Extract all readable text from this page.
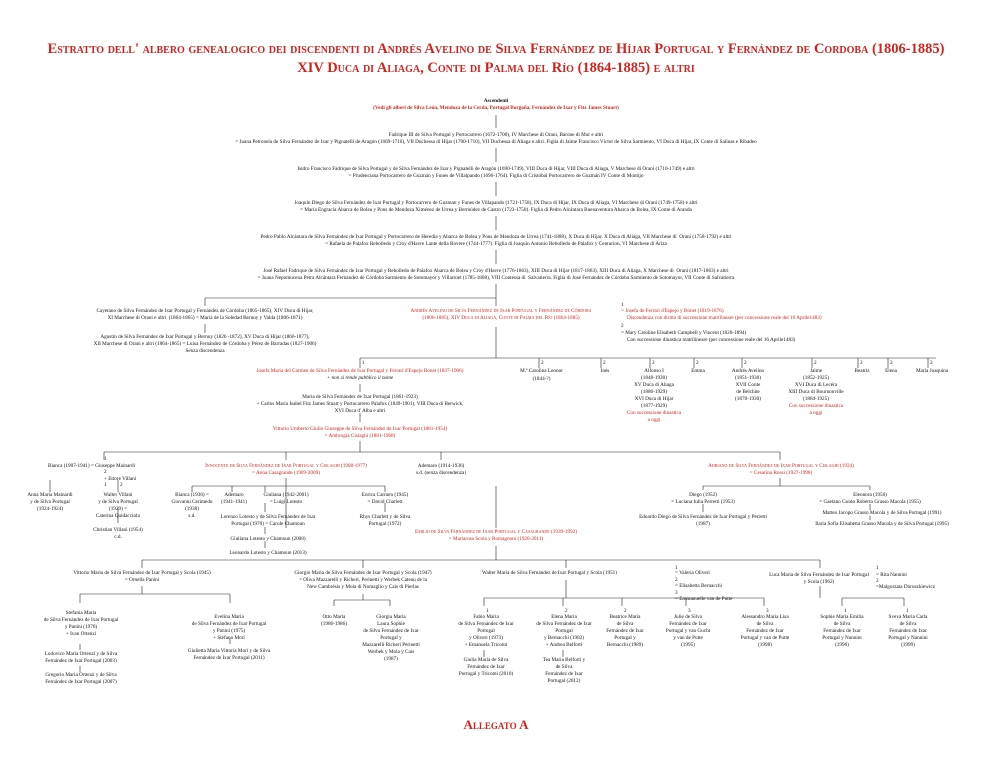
Estratto dell' albero genealogico dei discendenti di Andrés Avelino de Silva Fernández de Híjar Portugal y Fernández de Cordoba (1806-1885)
XIV Duca di Aliaga, Conte di Palma del Río (1864-1885) e altri
Ascendenti
(Vedi gli alberi de Silva León, Mendoza de la Cerda, Portugal Borgoña, Fernández de Ixar y Fitz James Stuart)
Fadrique III de Silva Portugal y Portocarrero (1672-1700), IV Marchese di Orani, Barone di Mur e altri
= Juana Petronela de Silva Fernández de Ixar y Pignatelli de Aragón (1669-1710), VII Duchessa di Híjar (1700-1710), VII Duchessa di Aliaga e altri. Figlia di Jaime Francisco Víctor de Silva Sarmiento, VI Duca di Híjar, IX Conte di Salinas e Ribadeo
Isidro Francisco Fadrique de Silva Portugal y de Silva Fernández de Ixar y Pignatelli de Aragón (1690-1749), VIII Duca di Híjar, VIII Duca di Aliaga, V Marchese di Orani (1710-1749) e altri
= Prudenciana Portocarrero de Guzmán y Funes de Villalpando (1696-1764). Figlia di Cristóbal Portocarrero de Guzmán IV Conte di Montijo
Joaquín Diego de Silva Fernández de Ixar Portugal y Portocarrero de Guzman y Funes de Villapando (1721-1758), IX Duca di Híjar, IX Duca di Aliaga, VI Marchese di Orani (1749-1758) e altri
= María Engracia Abarca de Bolea y Pons de Mendoza Ximénez de Urrea y Bermúdez de Castro (1723-1750). Figlia di Pedro Alcántara Buenaventura Abarca de Bolea, IX Conte di Aranda
Pedro Pablo Alcántara de Silva Fernández de Ixar Portugal y Portocarrero de Heredia y Abarca de Bolea y Pons de Mendoza de Urrea (1741-1808), X Duca di Híjar, X Duca di Aliaga, VII Marchese di  Orani (1758-1792) e altri
= Rafaela de Palafox Rebolledo y Croy d'Havre Lante della Rovere (1744-1777). Figlia di Joaquín Antonio Rebolledo de Palafox y Centurion, VI Marchese di Ariza
José Rafael Fadrique de Silva Fernández de Ixar Portugal y Rebolledo de Palafox Abarca de Bolea y Croy d'Havre (1776-1863), XIII Duca di Híjar (1817-1863), XIII Duca di Aliaga, X Marchese di  Orani (1817-1863) e altri
= Juana Nepomucena Petra Alcántara Fernández de Córdoba Sarmiento de Sotomayor y Villarroel (1785-1808), VIII Contessa di  Salvatierra. Figlia di José Fernández de Córdoba Sarmiento de Sotomayor, VII Conte di Salvatierra
Cayetano de Silva Fernández de Ixar Portugal y Fernández de Córdoba (1805-1865), XIV Duca di Híjar,
XI Marchese di Orani e altri  (1864-1865) = Maria de la Soledad Bernuy y Valda (1806-1871)
Agustín de Silva Fernández de Ixar Portugal y Bernuy (1826 -1872), XV Duca di Híjar (1866-1877),
XII Marchese di Orani e altri (1864-1865) = Luisa Fernández de Córdoba y Pérez de Barradas (1827-1906)
Senza discendenza
Andrés Avelino de Silva Fernández de Ixar Portugal y Fernández de Córdoba
(1806-1885), XIV Duca di Aliaga, Conte di Palma del Río (1864-1885)
1
= Josefa de Ferrari d'Espejo y Bonet (1819-1876)
Discendenza con diritto di successione matrilineare (per concessione reale del 16 Aprile1483)
2
= Mary Caroline Elisabeth Campbell y Vincent (1820-1894)
Con successione dinastica matrilineare (per concessione reale del 16 Aprile1483)
1
Josefa Maria del Carmen de Silva Fernández de Ixar Portugal y Ferrari d'Espejo Bonet (1837-1906)
+ non si rende pubblico il nome
Maria de Silva Fernández de Ixar Portugal (1861-1923)
+ Carlos María Isabel Fitz James Stuart y Portocarrero Palafox (1849-1901), VIII Duca di Berwick,
XVI Duca d' Alba e altri
Vittorio Umberto Giulio Giuseppe de Silva Fernández de Ixar Portugal (1881-1954)
= Ambrogia Cislaghi (1881-1968)
2
M.ª Carolina Leonor
(1844-?)
2
Inés
2
Alfonso I
(1848-1930)
XV Duca di Aliaga
(1886-1929)
XVI Duca di Híjar
(1877-1929)
Con successione dinastica
a oggi
2
Emma
2
Andrés Avelino
(1851-1930)
XVII Conte
de Belchite
(1878-1930)
2
Jaime
(1852-1925)
XVI Duca di Lecéra
XIII Duca di Bournonville
(1884-1925)
Con successione dinastica
a oggi
2
Beatriz
2
Elena
2
María Joaquina
1
Bianca (1907-1941) = Giuseppe Mainardi
2
+ Ettore Villani
1	2
Innocente de Silva Fernández de Ixar Portugal y Cislaghi (1908-1977)
= Anna Casagrande (1909-2009)
Ademaro (1914-1936)
s.d. (senza discendenza)
Adriano de Silva Fernández de Ixar Portugal y Cislaghi (1924)
= Cesarina Rossi (1927-1998)
Anna Maria Mainardi
y de Silva Portugal
(1924-1924)
Walter Villani
y de Silva Portugal
(1929) =
Caterina Quidacciolu
Christian Villani (1954)
c.d.
Bianca (1936) =
Giovanni Cerimedo
(1938)
s.d.
Ademaro
(1941-1941)
Giuliana (1942-2001)
= Luigi Lotesto
Lorenzo Lotesto y de Silva Fernández de Ixar
Portugal (1970) = Carole Chamoun
Giuliana Lotesto y Chamoun (2008)
Leonardo Lotesto y Chamoun (2013)
Enrica Carmen (1945)
= David Charlett
Rhys Charlett y de Silva
Portugal (1972)
Emilio de Silva Fernández de Ixar Portugal y Casagrande (1939-1992)
= Mariarosa Scola y Romagnoni (1920-2011)
Diego (1952)
= Luciana Iulia Perretti (1953)
Eleonora (1956)
= Gaetano Guido Roberto Grasso Macola (1955)
Edoardo Diego de Silva Fernández de Ixar Portugal y Perretti
(1987)
Matteo Jacopo Grasso Macola y de Silva Portugal (1991)
Ilaria Sofia Elisabetta Grasso Macola y de Silva Portugal (1995)
Vittorio Maria de Silva Fernández de Ixar Portugal y Scola (1945)
= Ornella Panini
Giorgio Maria de Silva Fernández de Ixar Portugal y Scola (1947)
= Oliva Mazzarelli y Richeri, Perinetti y Werbek Cateau de la
New Cambrésis y Mola di Nomaglio y Cais di Pierlas
Walter Maria de Silva Fernández de Ixar Portugal y Scola (1951)
1
= Valeria Oliveri
2
= Elisabetta Bernacchi
3
= Emmanuelle van de Putte
Luca Maria de Silva Fernández de Ixar Portugal
y Scola (1962)
1
= Rita Nannini
2
=Malgorzata Doroszkiewicz
Stefania Maria
de Silva Fernández de Ixar Portugal
y Panini (1970)
+ Ivan Ortenzi
Ludovico Maria Ortenzi y de Silva
Fernández de Ixar Portugal (2003)
Gregorio Maria Ortenzi y de Silva
Fernández de Ixar Portugal (2007)
Evelina Maria
de Silva Fernández de Ixar Portugal
y Panini (1975)
+ Stefano Mori
Giulietta Maria Vittoria Mori y de Silva
Fernández de Ixar Portugal (2011)
Otto Maria
(1986-1986)
Giorgia Maria
Laura Sophie
de Silva Fernández de Ixar
Portugal y
Mazzarelli Richeri Perinetti
Werbek y Mola y Cais
(1987)
1
Fabio Maria
de Silva Fernández de Ixar
Portugal
y Oliveri (1973)
+ Emanuela Tricomi
Giulia Maria de Silva
Fernández de Ixar
Portugal y Tricomi (2010)
2
Elena Maria
de Silva Fernández de Ixar
Portugal
y Bernacchi (1982)
+ Andrea Belforti
Tea Maria Belforti y
de Silva
Fernández de Ixar
Portugal (2012)
2
Beatrice Maria
de Silva
Fernández de Ixar
Portugal y
Bernacchi (1989)
3
Julie de Silva
Fernández de Ixar
Portugal y van Gucht
y van de Putte
(1995)
3
Alessandro Maria Lisa
de Silva
Fernández de Ixar
Portugal y van de Putte
(1998)
1
Sophie Maria Emilia
de Silva
Fernández de Ixar
Portugal y Nannini
(1996)
1
Sveva Maria Carla
de Silva
Fernández de Ixar
Portugal y Nannini
(1999)
Allegato A
